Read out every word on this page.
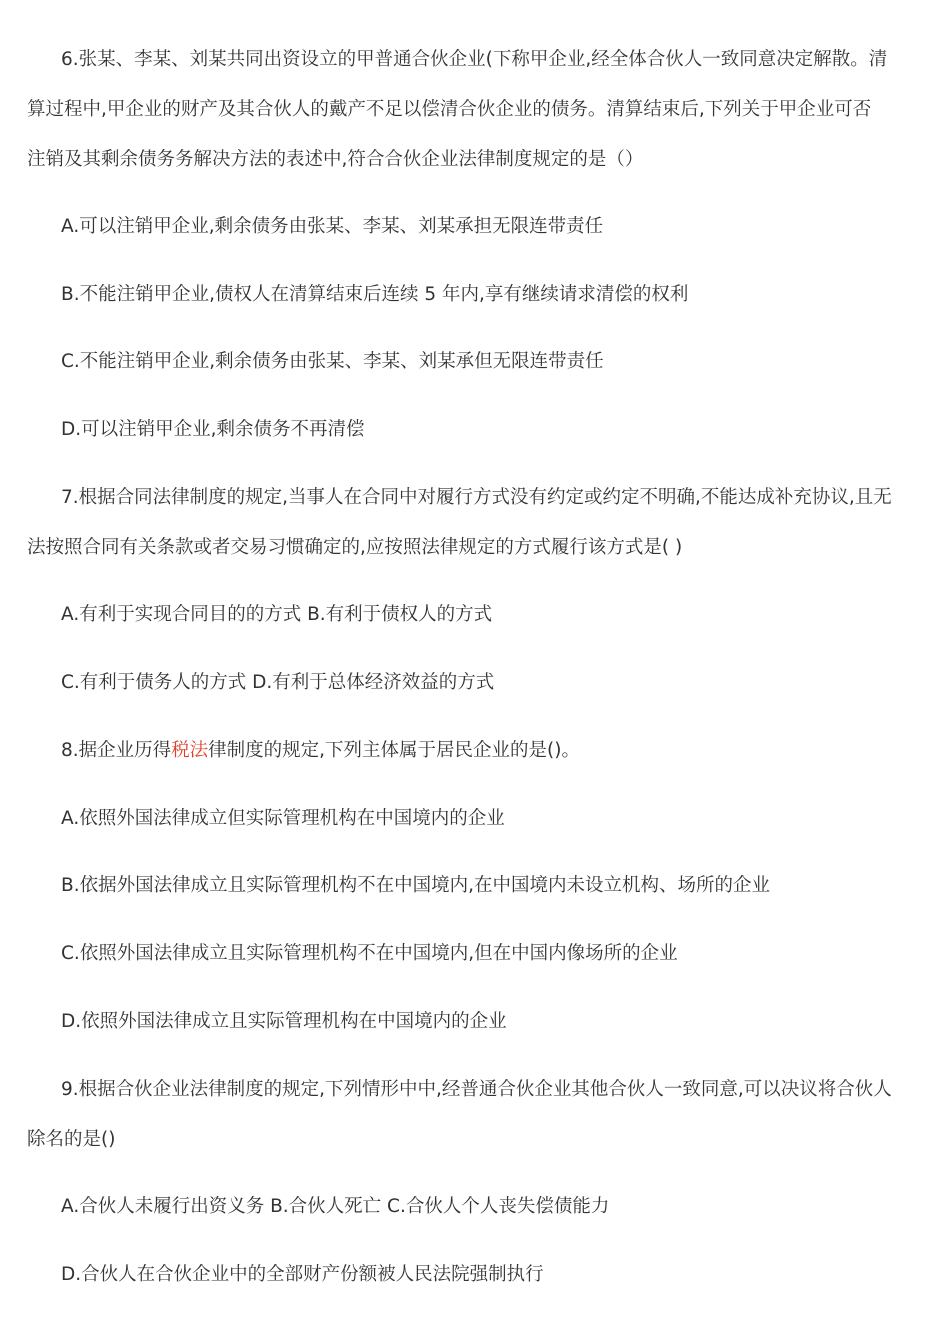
6.张某、李某、刘某共同出资设立的甲普通合伙企业(下称甲企业,经全体合伙人一致同意决定解散。清
算过程中,甲企业的财产及其合伙人的戴产不足以偿清合伙企业的债务。清算结束后,下列关于甲企业可否
注销及其剩余债务务解决方法的表述中,符合合伙企业法律制度规定的是（）
A.可以注销甲企业,剩余债务由张某、李某、刘某承担无限连带责任
B.不能注销甲企业,债权人在清算结束后连续 5 年内,享有继续请求清偿的权利
C.不能注销甲企业,剩余债务由张某、李某、刘某承但无限连带责任
D.可以注销甲企业,剩余债务不再清偿
7.根据合同法律制度的规定,当事人在合同中对履行方式没有约定或约定不明确,不能达成补充协议,且无
法按照合同有关条款或者交易习惯确定的,应按照法律规定的方式履行该方式是( )
A.有利于实现合同目的的方式 B.有利于债权人的方式
C.有利于债务人的方式 D.有利于总体经济效益的方式
8.据企业历得税法律制度的规定,下列主体属于居民企业的是()。
A.依照外国法律成立但实际管理机构在中国境内的企业
B.依据外国法律成立且实际管理机构不在中国境内,在中国境内未设立机构、场所的企业
C.依照外国法律成立且实际管理机构不在中国境内,但在中国内像场所的企业
D.依照外国法律成立且实际管理机构在中国境内的企业
9.根据合伙企业法律制度的规定,下列情形中中,经普通合伙企业其他合伙人一致同意,可以决议将合伙人
除名的是()
A.合伙人未履行出资义务 B.合伙人死亡 C.合伙人个人丧失偿债能力
D.合伙人在合伙企业中的全部财产份额被人民法院强制执行
